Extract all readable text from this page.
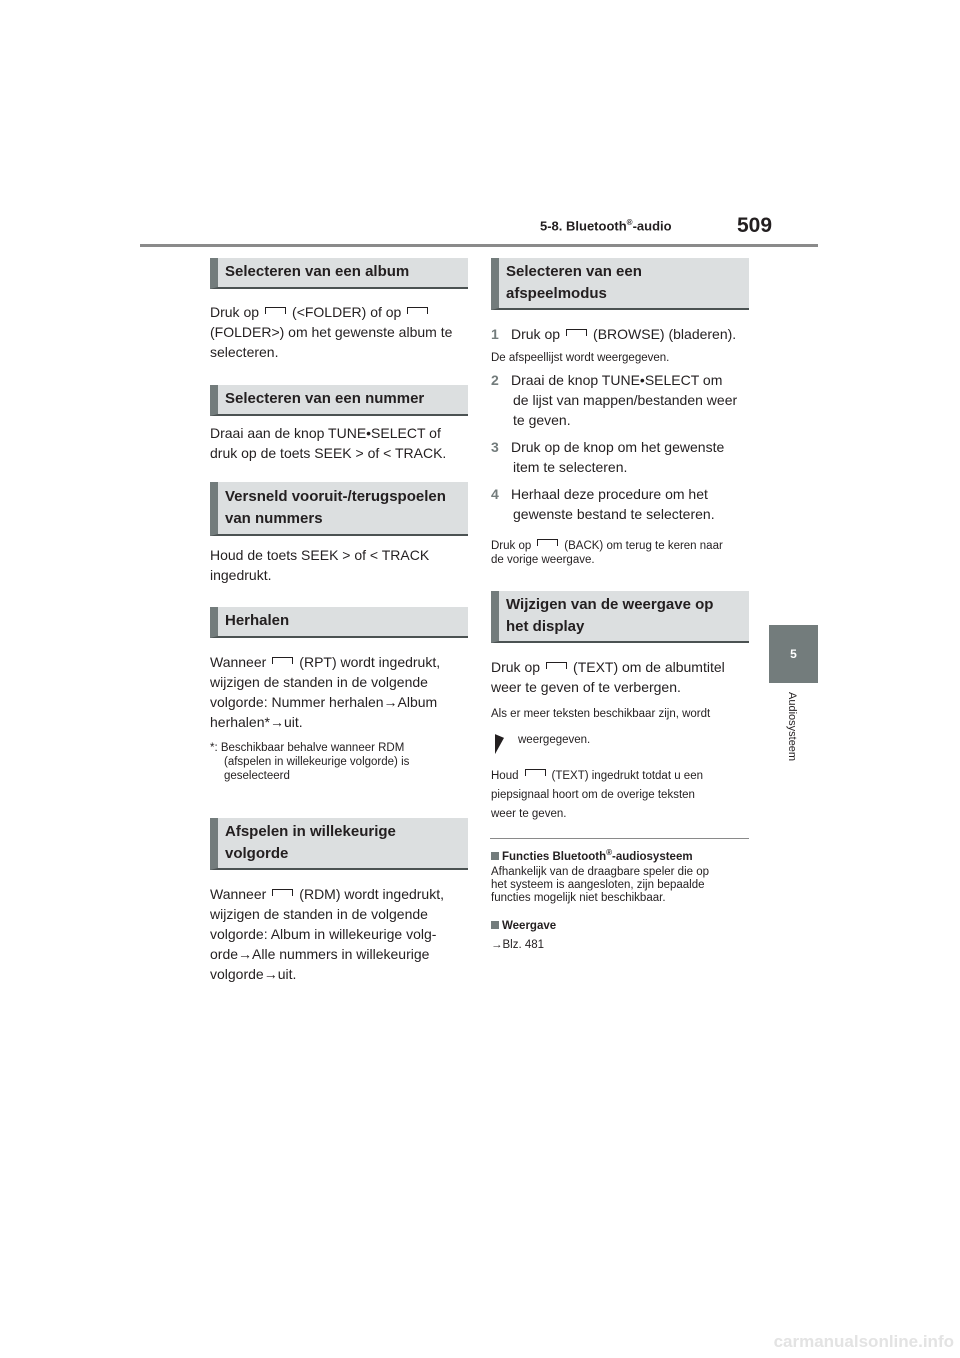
5-8. Bluetooth®-audio	509
5
Audiosysteem
Selecteren van een album
Druk op (<FOLDER) of op
(FOLDER>) om het gewenste album te
selecteren.
Selecteren van een nummer
Draai aan de knop TUNE•SELECT of
druk op de toets SEEK > of < TRACK.
Versneld vooruit-/terugspoelen
van nummers
Houd de toets SEEK > of < TRACK
ingedrukt.
Herhalen
Wanneer (RPT) wordt ingedrukt,
wijzigen de standen in de volgende
volgorde: Nummer herhalen→Album
herhalen*→uit.
*: Beschikbaar behalve wanneer RDM
(afspelen in willekeurige volgorde) is
geselecteerd
Afspelen in willekeurige
volgorde
Wanneer (RDM) wordt ingedrukt,
wijzigen de standen in de volgende
volgorde: Album in willekeurige volg-
orde→Alle nummers in willekeurige
volgorde→uit.
Selecteren van een
afspeelmodus
1 Druk op (BROWSE) (bladeren).
De afspeellijst wordt weergegeven.
2 Draai de knop TUNE•SELECT om
de lijst van mappen/bestanden weer
te geven.
3 Druk op de knop om het gewenste
item te selecteren.
4 Herhaal deze procedure om het
gewenste bestand te selecteren.
Druk op	(BACK) om terug te keren naar
de vorige weergave.
Wijzigen van de weergave op
het display
Druk op (TEXT) om de albumtitel
weer te geven of te verbergen.
Als er meer teksten beschikbaar zijn, wordt
weergegeven.
Houd	(TEXT) ingedrukt totdat u een
piepsignaal hoort om de overige teksten
weer te geven.
Functies Bluetooth®-audiosysteem
Afhankelijk van de draagbare speler die op
het systeem is aangesloten, zijn bepaalde
functies mogelijk niet beschikbaar.
Weergave
→Blz. 481
carmanualsonline.info
